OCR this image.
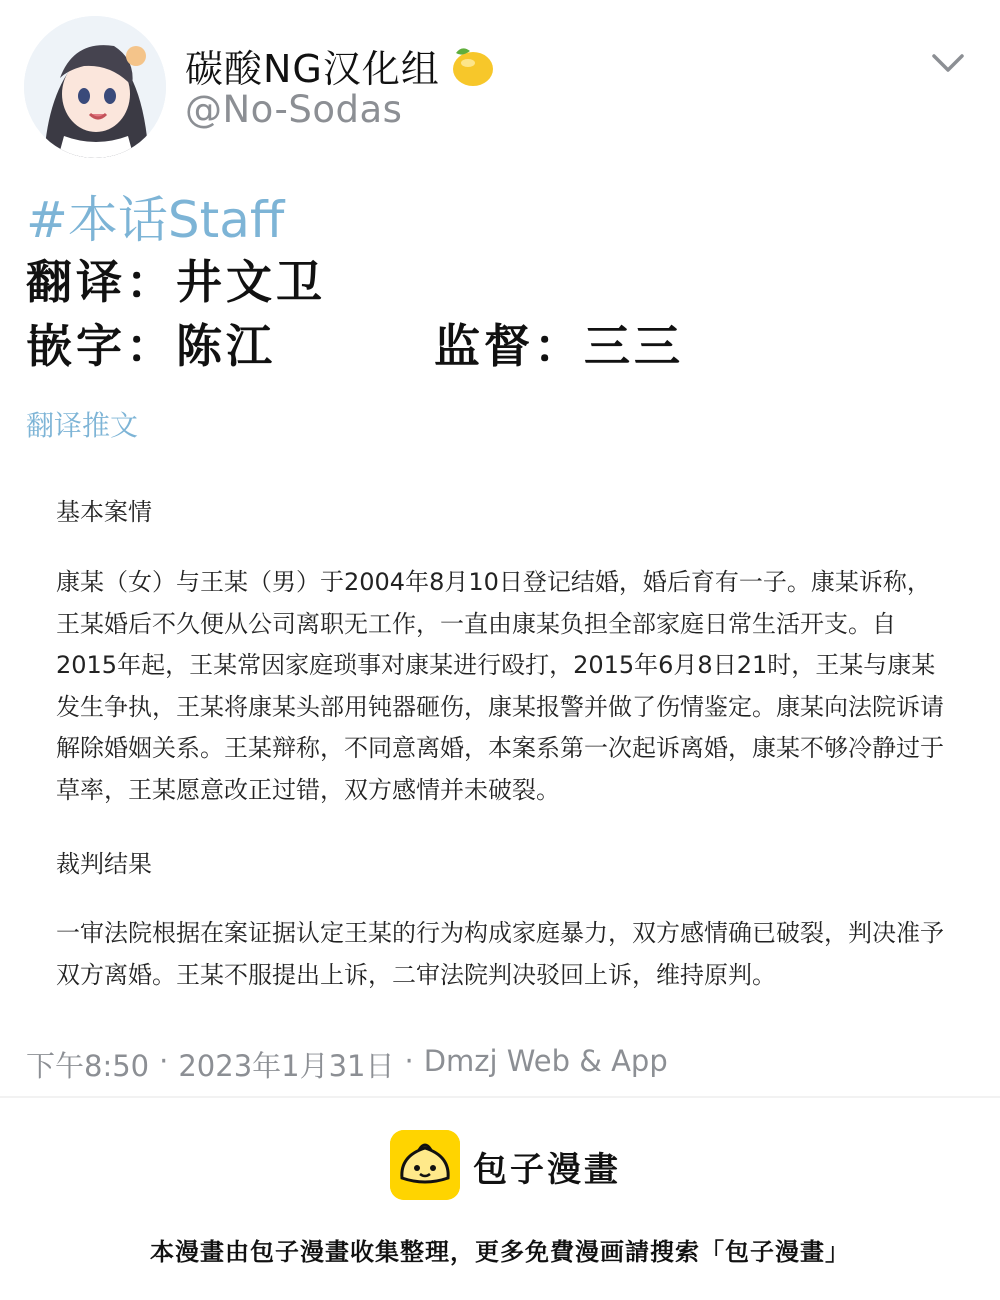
碳酸NG汉化组
@No-Sodas
#本话Staff
翻译：井文卫
嵌字：陈江	监督：三三
翻译推文
基本案情
康某（女）与王某（男）于2004年8月10日登记结婚，婚后育有一子。康某诉称，王某婚后不久便从公司离职无工作，一直由康某负担全部家庭日常生活开支。自2015年起，王某常因家庭琐事对康某进行殴打，2015年6月8日21时，王某与康某发生争执，王某将康某头部用钝器砸伤，康某报警并做了伤情鉴定。康某向法院诉请解除婚姻关系。王某辩称，不同意离婚，本案系第一次起诉离婚，康某不够冷静过于草率，王某愿意改正过错，双方感情并未破裂。
裁判结果
一审法院根据在案证据认定王某的行为构成家庭暴力，双方感情确已破裂，判决准予双方离婚。王某不服提出上诉，二审法院判决驳回上诉，维持原判。
下午8:50 · 2023年1月31日 · Dmzj Web & App
包子漫畫
本漫畫由包子漫畫收集整理，更多免費漫画請搜索「包子漫畫」
